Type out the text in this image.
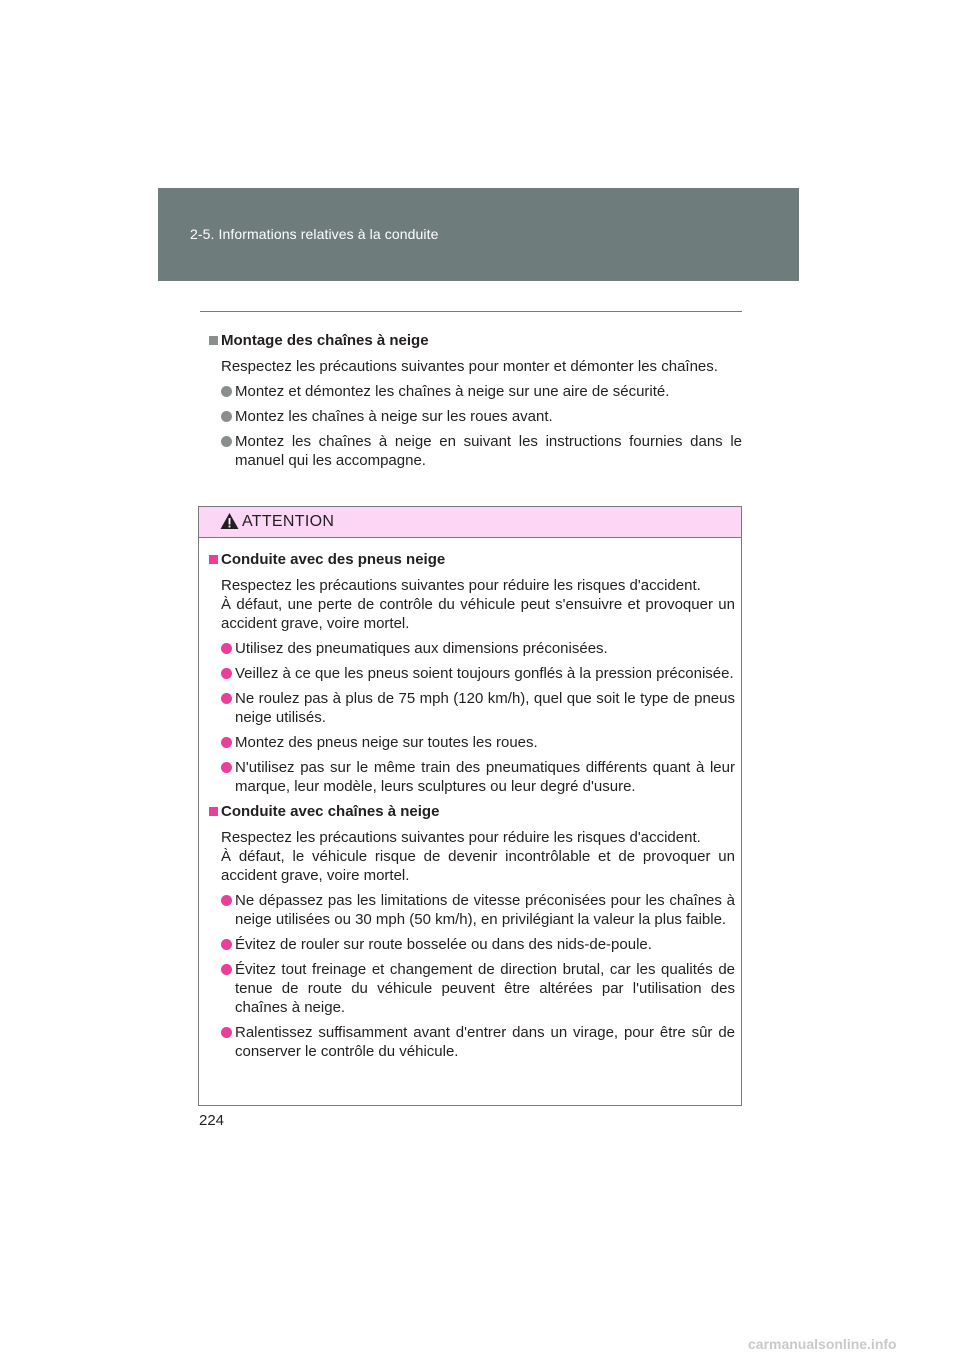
2-5. Informations relatives à la conduite
Montage des chaînes à neige
Respectez les précautions suivantes pour monter et démonter les chaînes.
Montez et démontez les chaînes à neige sur une aire de sécurité.
Montez les chaînes à neige sur les roues avant.
Montez les chaînes à neige en suivant les instructions fournies dans le manuel qui les accompagne.
ATTENTION
Conduite avec des pneus neige
Respectez les précautions suivantes pour réduire les risques d'accident.
À défaut, une perte de contrôle du véhicule peut s'ensuivre et provoquer un accident grave, voire mortel.
Utilisez des pneumatiques aux dimensions préconisées.
Veillez à ce que les pneus soient toujours gonflés à la pression préconisée.
Ne roulez pas à plus de 75 mph (120 km/h), quel que soit le type de pneus neige utilisés.
Montez des pneus neige sur toutes les roues.
N'utilisez pas sur le même train des pneumatiques différents quant à leur marque, leur modèle, leurs sculptures ou leur degré d'usure.
Conduite avec chaînes à neige
Respectez les précautions suivantes pour réduire les risques d'accident.
À défaut, le véhicule risque de devenir incontrôlable et de provoquer un accident grave, voire mortel.
Ne dépassez pas les limitations de vitesse préconisées pour les chaînes à neige utilisées ou 30 mph (50 km/h), en privilégiant la valeur la plus faible.
Évitez de rouler sur route bosselée ou dans des nids-de-poule.
Évitez tout freinage et changement de direction brutal, car les qualités de tenue de route du véhicule peuvent être altérées par l'utilisation des chaînes à neige.
Ralentissez suffisamment avant d'entrer dans un virage, pour être sûr de conserver le contrôle du véhicule.
224
carmanualsonline.info
